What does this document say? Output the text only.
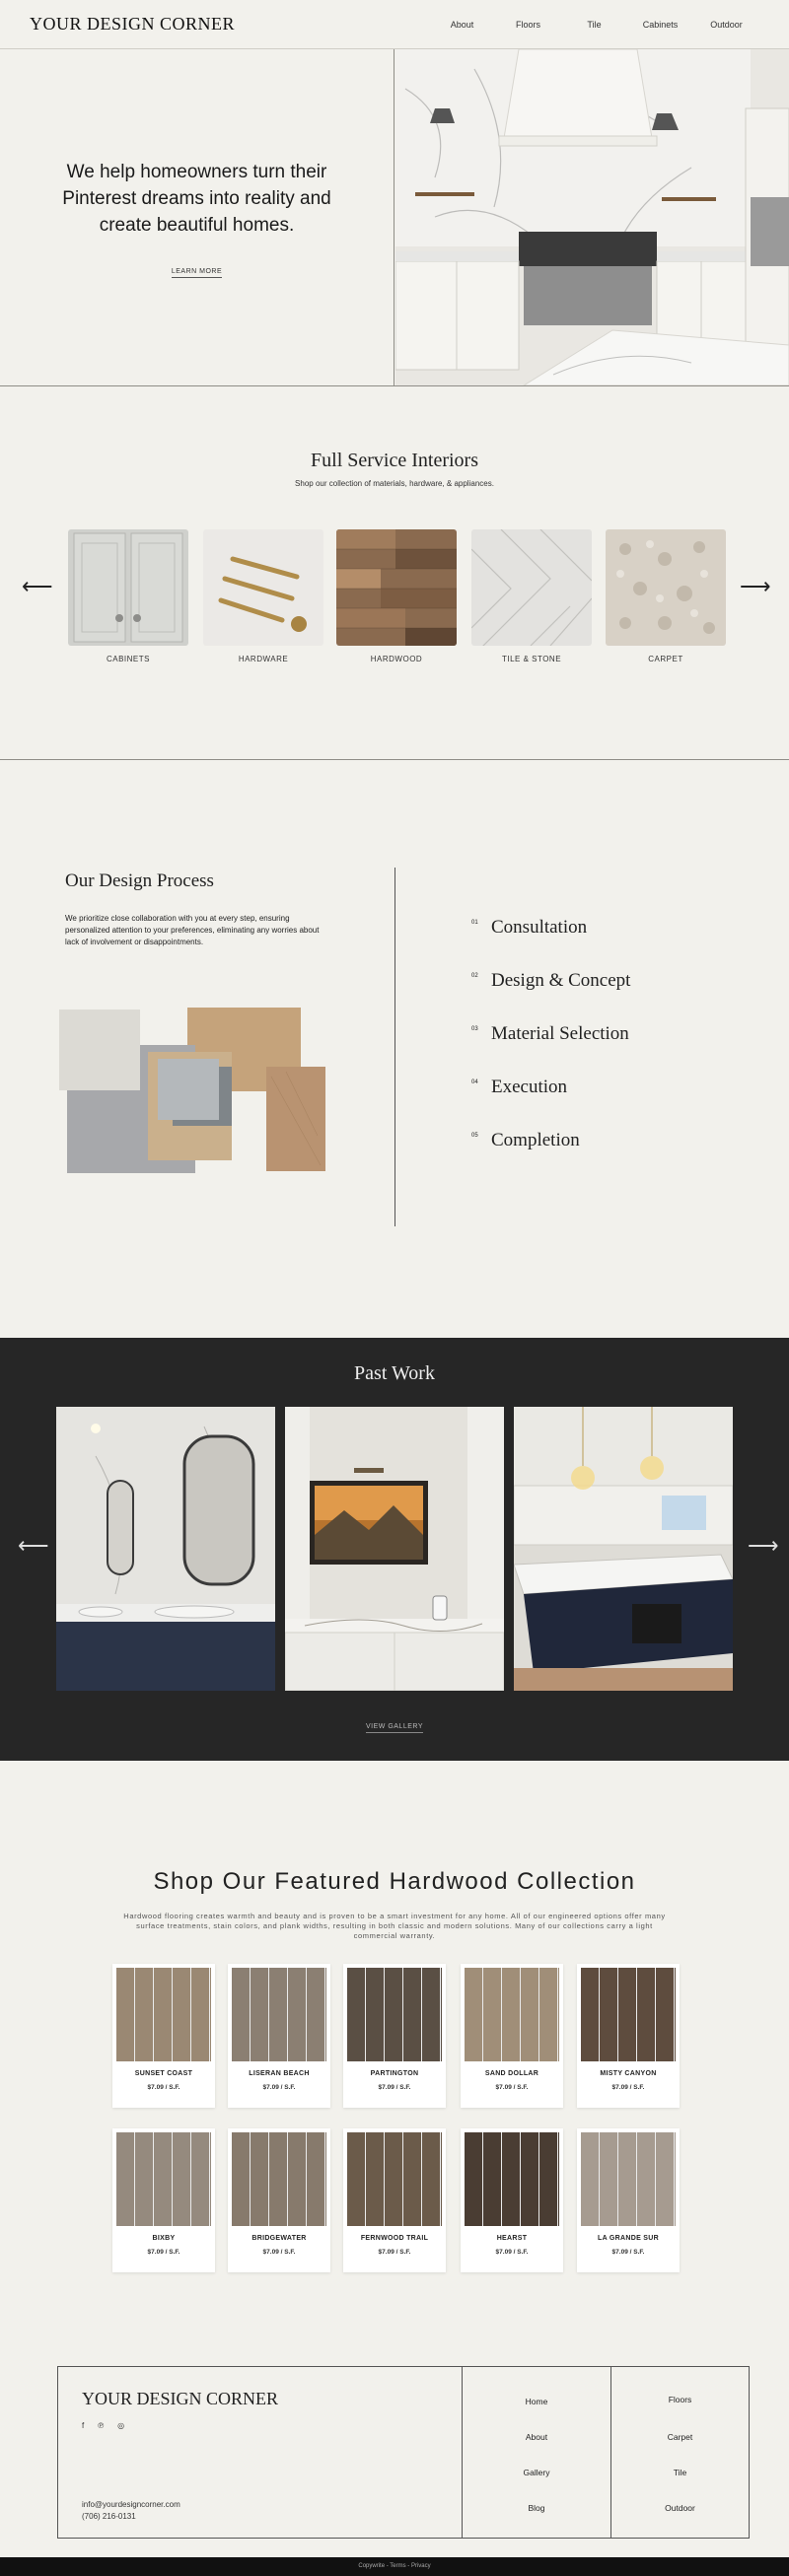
YOUR DESIGN CORNER	About	Floors	Tile	Cabinets	Outdoor
We help homeowners turn their Pinterest dreams into reality and create beautiful homes.
LEARN MORE
Full Service Interiors
Shop our collection of materials, hardware, & appliances.
⟵	⟶
CABINETS	HARDWARE	HARDWOOD	TILE & STONE	CARPET
Our Design Process
We prioritize close collaboration with you at every step, ensuring personalized attention to your preferences, eliminating any worries about lack of involvement or disappointments.
01 Consultation
02 Design & Concept
03 Material Selection
04 Execution
05 Completion
Past Work
⟵	⟶
VIEW GALLERY
Shop Our Featured Hardwood Collection
Hardwood flooring creates warmth and beauty and is proven to be a smart investment for any home. All of our engineered options offer many surface treatments, stain colors, and plank widths, resulting in both classic and modern solutions. Many of our collections carry a light commercial warranty.
SUNSET COAST
$7.09 / S.F.
LISERAN BEACH
$7.09 / S.F.
PARTINGTON
$7.09 / S.F.
SAND DOLLAR
$7.09 / S.F.
MISTY CANYON
$7.09 / S.F.
BIXBY
$7.09 / S.F.
BRIDGEWATER
$7.09 / S.F.
FERNWOOD TRAIL
$7.09 / S.F.
HEARST
$7.09 / S.F.
LA GRANDE SUR
$7.09 / S.F.
YOUR DESIGN CORNER
f ℗ ◎
info@yourdesigncorner.com
(706) 216-0131
Home
About
Gallery
Blog
Floors
Carpet
Tile
Outdoor
Copywrite - Terms - Privacy
